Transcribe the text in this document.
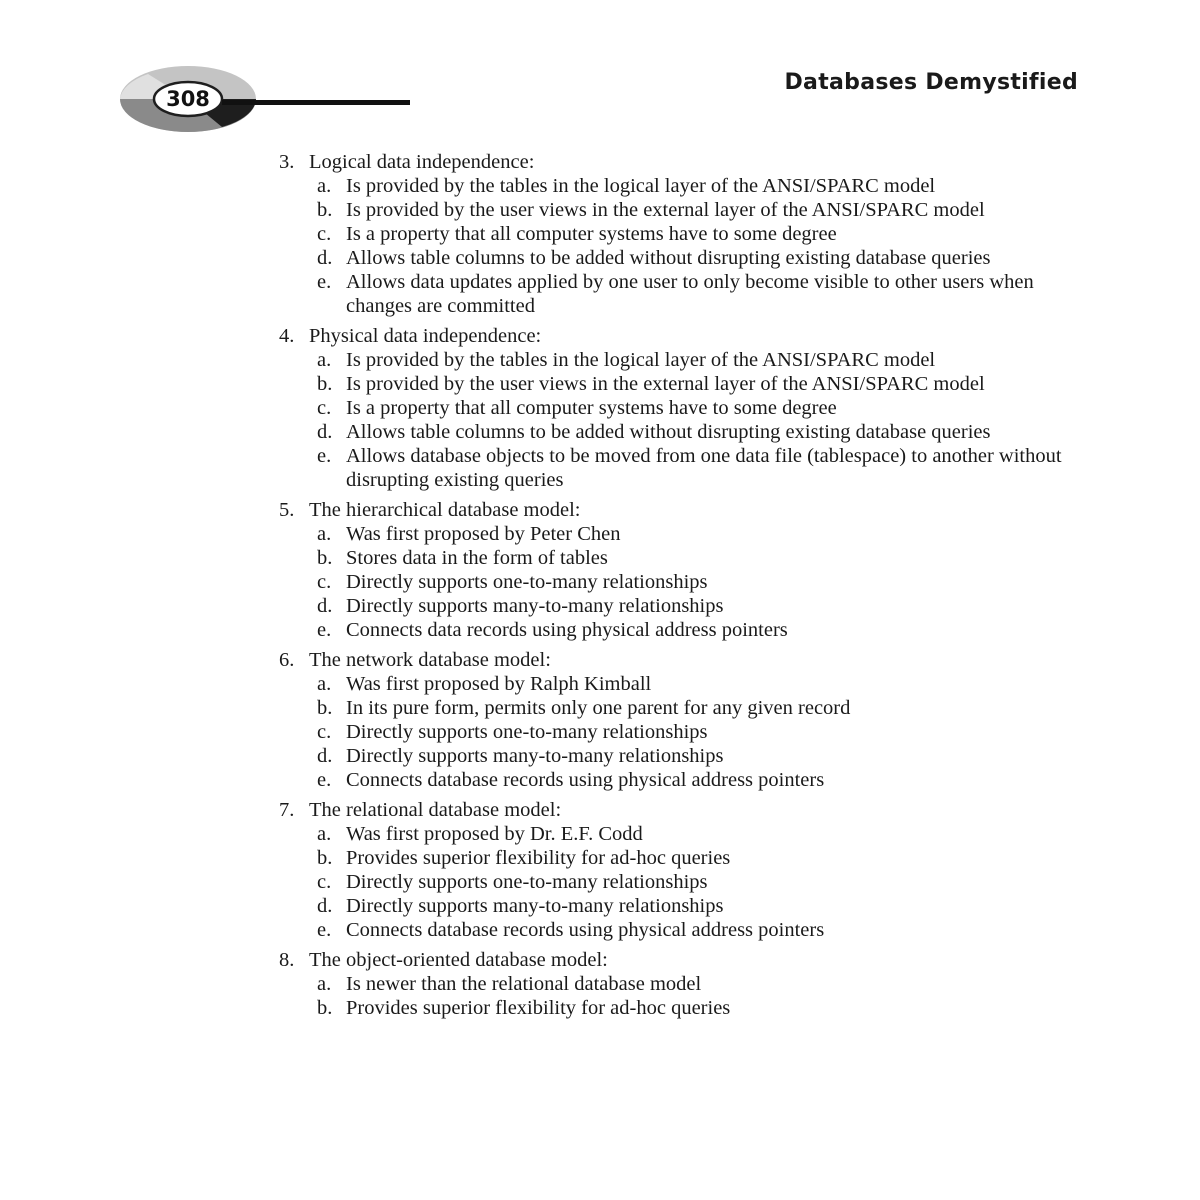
308
Databases Demystified
3. Logical data independence:
a. Is provided by the tables in the logical layer of the ANSI/SPARC model
b. Is provided by the user views in the external layer of the ANSI/SPARC model
c. Is a property that all computer systems have to some degree
d. Allows table columns to be added without disrupting existing database queries
e. Allows data updates applied by one user to only become visible to other users when changes are committed
4. Physical data independence:
a. Is provided by the tables in the logical layer of the ANSI/SPARC model
b. Is provided by the user views in the external layer of the ANSI/SPARC model
c. Is a property that all computer systems have to some degree
d. Allows table columns to be added without disrupting existing database queries
e. Allows database objects to be moved from one data file (tablespace) to another without disrupting existing queries
5. The hierarchical database model:
a. Was first proposed by Peter Chen
b. Stores data in the form of tables
c. Directly supports one-to-many relationships
d. Directly supports many-to-many relationships
e. Connects data records using physical address pointers
6. The network database model:
a. Was first proposed by Ralph Kimball
b. In its pure form, permits only one parent for any given record
c. Directly supports one-to-many relationships
d. Directly supports many-to-many relationships
e. Connects database records using physical address pointers
7. The relational database model:
a. Was first proposed by Dr. E.F. Codd
b. Provides superior flexibility for ad-hoc queries
c. Directly supports one-to-many relationships
d. Directly supports many-to-many relationships
e. Connects database records using physical address pointers
8. The object-oriented database model:
a. Is newer than the relational database model
b. Provides superior flexibility for ad-hoc queries
